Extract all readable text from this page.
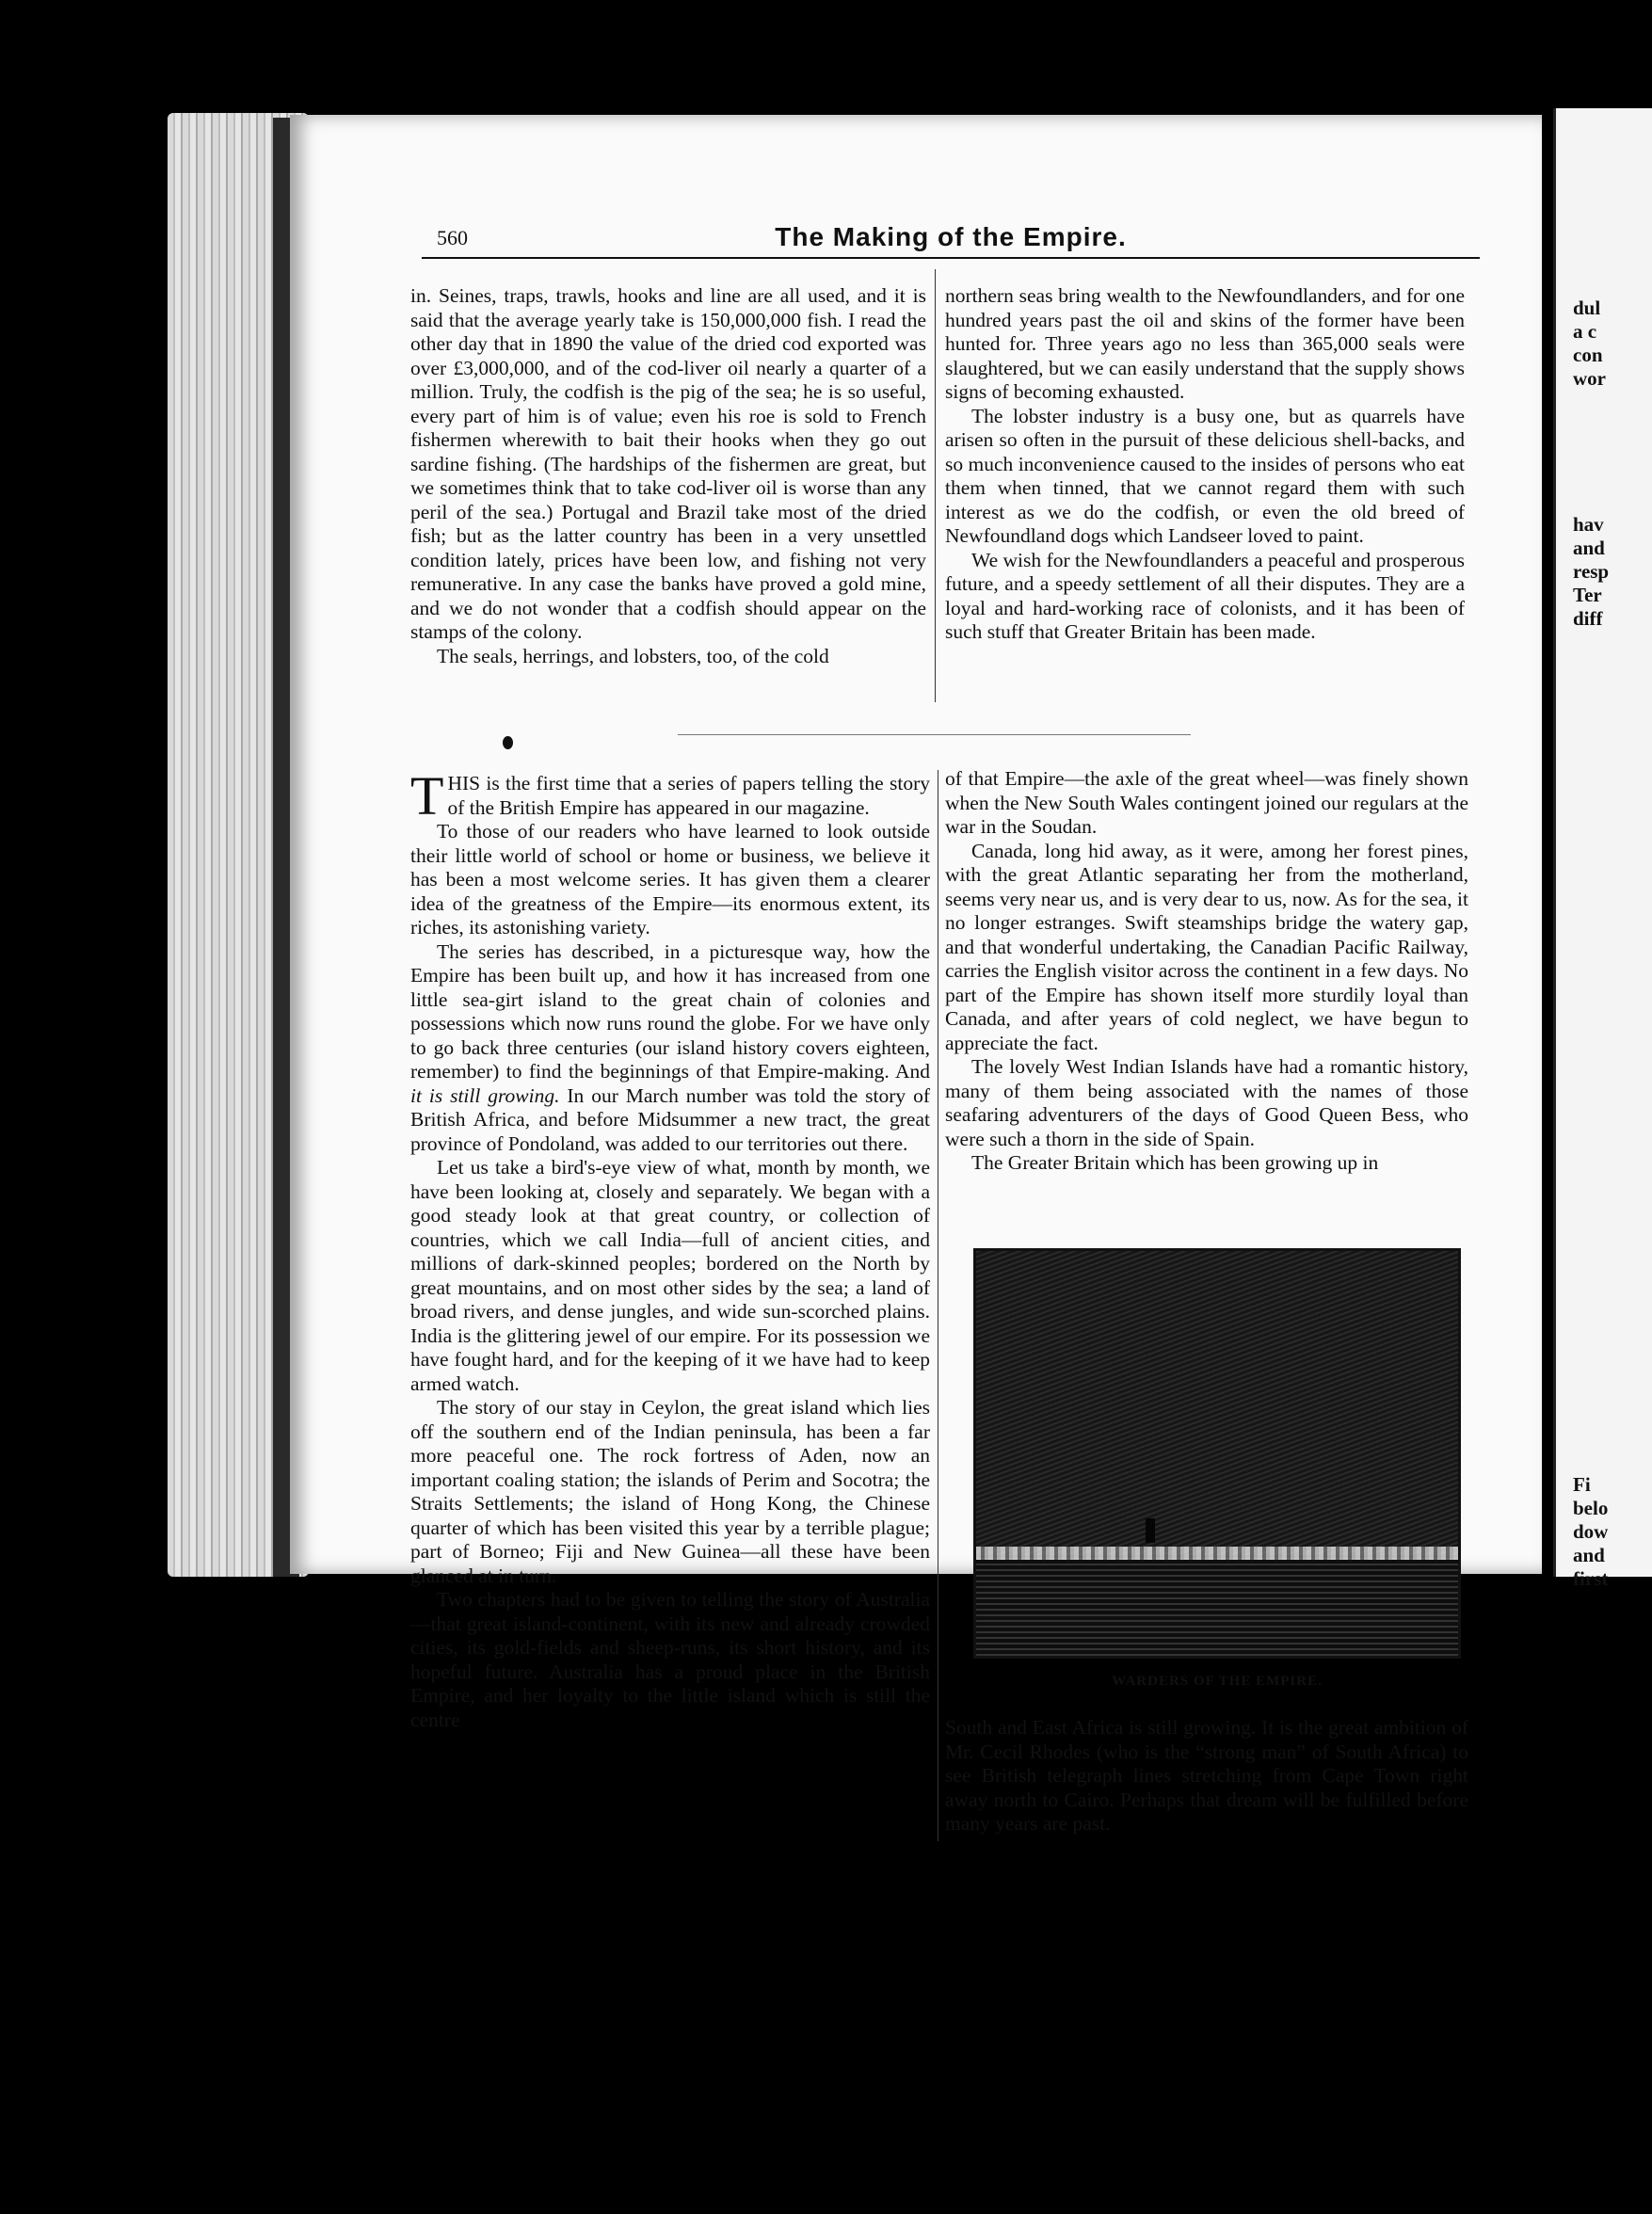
dul
a c
con
wor
hav
and
resp
Ter
diff
Fi
belo
dow
and
first
560	The Making of the Empire.

in. Seines, traps, trawls, hooks and line are all used, and it is said that the average yearly take is 150,000,000 fish. I read the other day that in 1890 the value of the dried cod exported was over £3,000,000, and of the cod-liver oil nearly a quarter of a million. Truly, the codfish is the pig of the sea; he is so useful, every part of him is of value; even his roe is sold to French fishermen wherewith to bait their hooks when they go out sardine fishing. (The hardships of the fishermen are great, but we sometimes think that to take cod-liver oil is worse than any peril of the sea.) Portugal and Brazil take most of the dried fish; but as the latter country has been in a very unsettled condition lately, prices have been low, and fishing not very remunerative. In any case the banks have proved a gold mine, and we do not wonder that a codfish should appear on the stamps of the colony.

The seals, herrings, and lobsters, too, of the cold

northern seas bring wealth to the Newfoundlanders, and for one hundred years past the oil and skins of the former have been hunted for. Three years ago no less than 365,000 seals were slaughtered, but we can easily understand that the supply shows signs of becoming exhausted.

The lobster industry is a busy one, but as quarrels have arisen so often in the pursuit of these delicious shell-backs, and so much inconvenience caused to the insides of persons who eat them when tinned, that we cannot regard them with such interest as we do the codfish, or even the old breed of Newfoundland dogs which Landseer loved to paint.

We wish for the Newfoundlanders a peaceful and prosperous future, and a speedy settlement of all their disputes. They are a loyal and hard-working race of colonists, and it has been of such stuff that Greater Britain has been made.

THIS is the first time that a series of papers telling the story of the British Empire has appeared in our magazine.

To those of our readers who have learned to look outside their little world of school or home or business, we believe it has been a most welcome series. It has given them a clearer idea of the greatness of the Empire—its enormous extent, its riches, its astonishing variety.

The series has described, in a picturesque way, how the Empire has been built up, and how it has increased from one little sea-girt island to the great chain of colonies and possessions which now runs round the globe. For we have only to go back three centuries (our island history covers eighteen, remember) to find the beginnings of that Empire-making. And it is still growing. In our March number was told the story of British Africa, and before Midsummer a new tract, the great province of Pondoland, was added to our territories out there.

Let us take a bird's-eye view of what, month by month, we have been looking at, closely and separately. We began with a good steady look at that great country, or collection of countries, which we call India—full of ancient cities, and millions of dark-skinned peoples; bordered on the North by great mountains, and on most other sides by the sea; a land of broad rivers, and dense jungles, and wide sun-scorched plains. India is the glittering jewel of our empire. For its possession we have fought hard, and for the keeping of it we have had to keep armed watch.

The story of our stay in Ceylon, the great island which lies off the southern end of the Indian peninsula, has been a far more peaceful one. The rock fortress of Aden, now an important coaling station; the islands of Perim and Socotra; the Straits Settlements; the island of Hong Kong, the Chinese quarter of which has been visited this year by a terrible plague; part of Borneo; Fiji and New Guinea—all these have been glanced at in turn.

Two chapters had to be given to telling the story of Australia—that great island-continent, with its new and already crowded cities, its gold-fields and sheep-runs, its short history, and its hopeful future. Australia has a proud place in the British Empire, and her loyalty to the little island which is still the centre

of that Empire—the axle of the great wheel—was finely shown when the New South Wales contingent joined our regulars at the war in the Soudan.

Canada, long hid away, as it were, among her forest pines, with the great Atlantic separating her from the motherland, seems very near us, and is very dear to us, now. As for the sea, it no longer estranges. Swift steamships bridge the watery gap, and that wonderful undertaking, the Canadian Pacific Railway, carries the English visitor across the continent in a few days. No part of the Empire has shown itself more sturdily loyal than Canada, and after years of cold neglect, we have begun to appreciate the fact.

The lovely West Indian Islands have had a romantic history, many of them being associated with the names of those seafaring adventurers of the days of Good Queen Bess, who were such a thorn in the side of Spain.

The Greater Britain which has been growing up in

WARDERS OF THE EMPIRE.

South and East Africa is still growing. It is the great ambition of Mr. Cecil Rhodes (who is the “strong man” of South Africa) to see British telegraph lines stretching from Cape Town right away north to Cairo. Perhaps that dream will be fulfilled before many years are past.
